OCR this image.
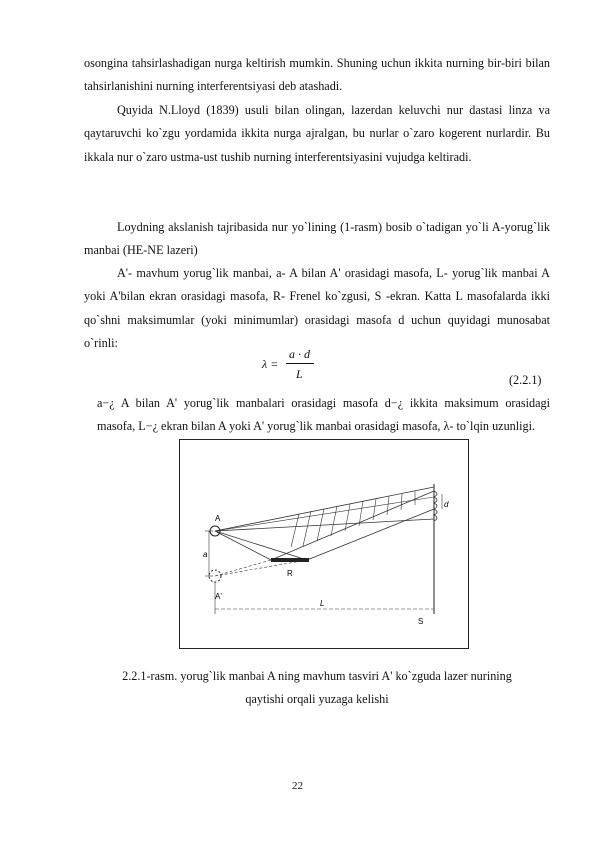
osongina tahsirlashadigan nurga keltirish mumkin. Shuning uchun ikkita nurning bir-biri bilan tahsirlanishini nurning interferentsiyasi deb atashadi.

Quyida N.Lloyd (1839) usuli bilan olingan, lazerdan keluvchi nur dastasi linza va qaytaruvchi ko`zgu yordamida ikkita nurga ajralgan, bu nurlar o`zaro kogerent nurlardir. Bu ikkala nur o`zaro ustma-ust tushib nurning interferentsiyasini vujudga keltiradi.

Loydning akslanish tajribasida nur yo`lining (1-rasm) bosib o`tadigan yo`li A-yorug`lik manbai (HE-NE lazeri)

A'- mavhum yorug`lik manbai, a- A bilan A' orasidagi masofa, L- yorug`lik manbai A yoki A'bilan ekran orasidagi masofa, R- Frenel ko`zgusi, S -ekran. Katta L masofalarda ikki qo`shni maksimumlar (yoki minimumlar) orasidagi masofa d uchun quyidagi munosabat o`rinli:

λ =
a · d
L	(2.2.1)

a−¿ A bilan A' yorug`lik manbalari orasidagi masofa d−¿ ikkita maksimum orasidagi masofa, L−¿ ekran bilan A yoki A' yorug`lik manbai orasidagi masofa, λ- to`lqin uzunligi.

A
A'
a
R
L
S
d
2.2.1-rasm. yorug`lik manbai A ning mavhum tasviri A' ko`zguda lazer nurining
qaytishi orqali yuzaga kelishi
22
